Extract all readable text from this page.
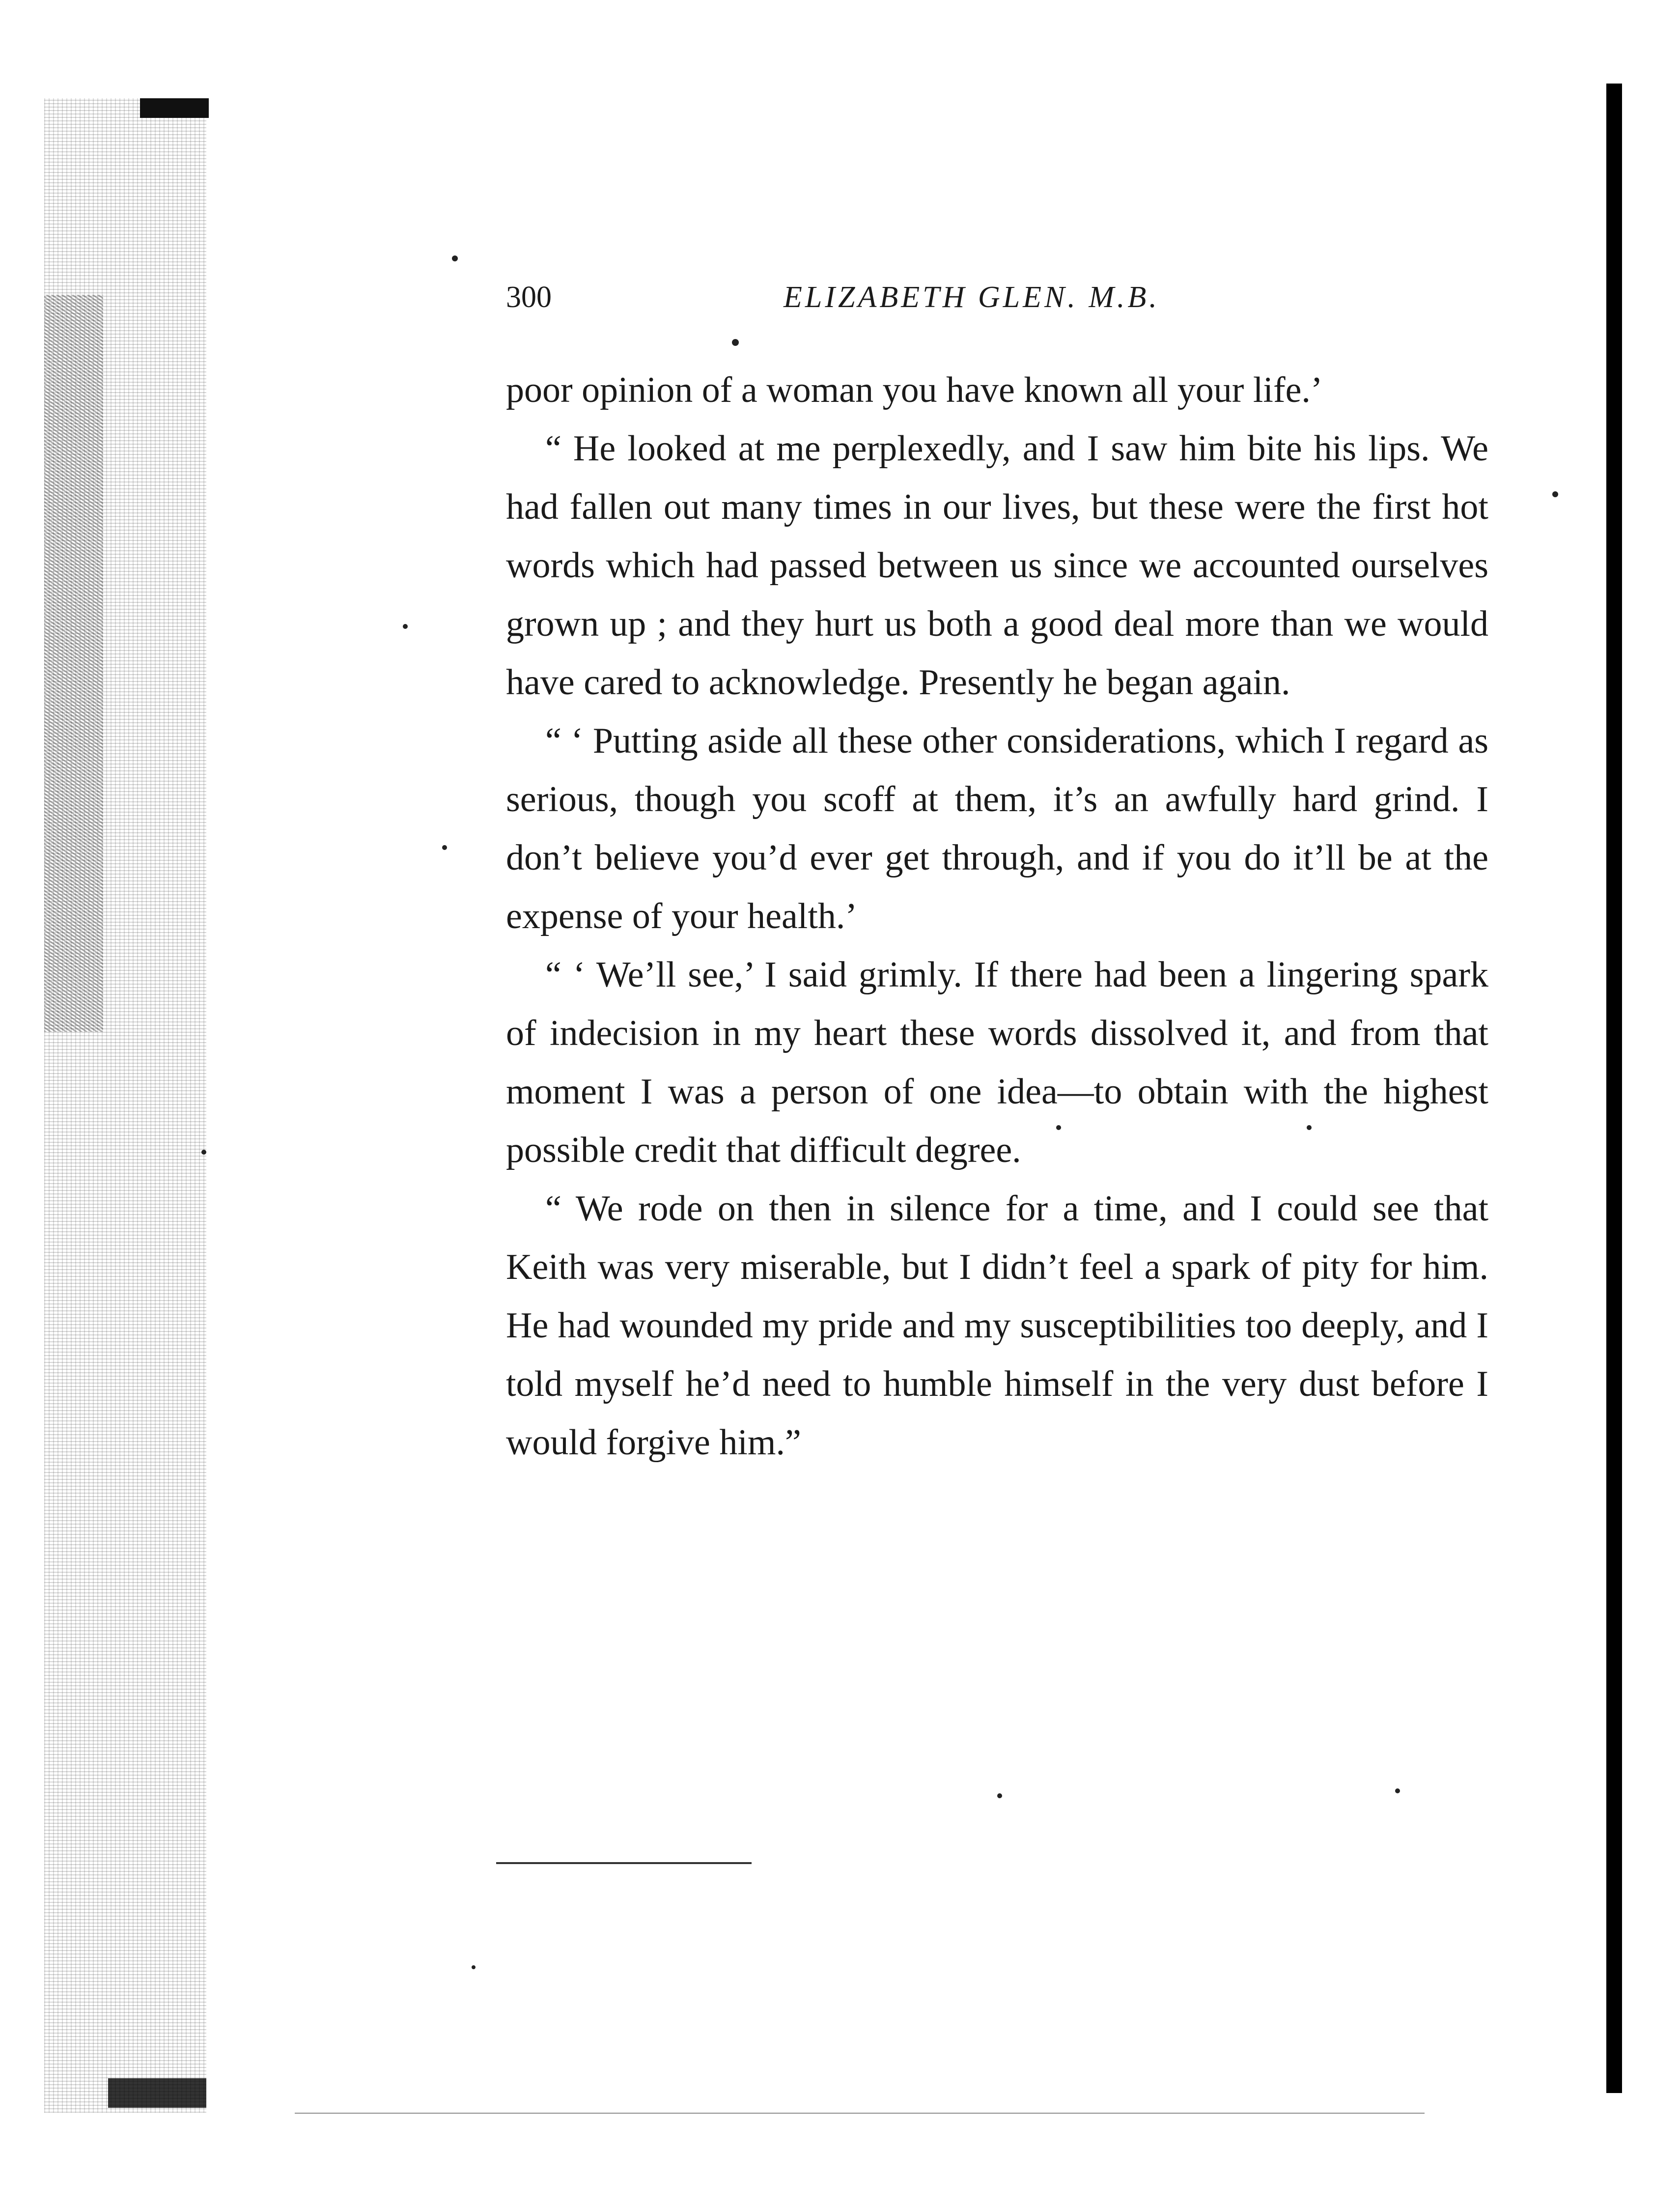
300	ELIZABETH GLEN. M.B.

poor opinion of a woman you have known all your life.’

“ He looked at me perplexedly, and I saw him bite his lips. We had fallen out many times in our lives, but these were the first hot words which had passed between us since we accounted ourselves grown up ; and they hurt us both a good deal more than we would have cared to acknowledge. Presently he began again.

“ ‘ Putting aside all these other considerations, which I regard as serious, though you scoff at them, it’s an awfully hard grind. I don’t believe you’d ever get through, and if you do it’ll be at the expense of your health.’

“ ‘ We’ll see,’ I said grimly. If there had been a lingering spark of indecision in my heart these words dissolved it, and from that moment I was a person of one idea—to obtain with the highest possible credit that difficult degree.

“ We rode on then in silence for a time, and I could see that Keith was very miserable, but I didn’t feel a spark of pity for him. He had wounded my pride and my susceptibilities too deeply, and I told myself he’d need to humble himself in the very dust before I would forgive him.”
